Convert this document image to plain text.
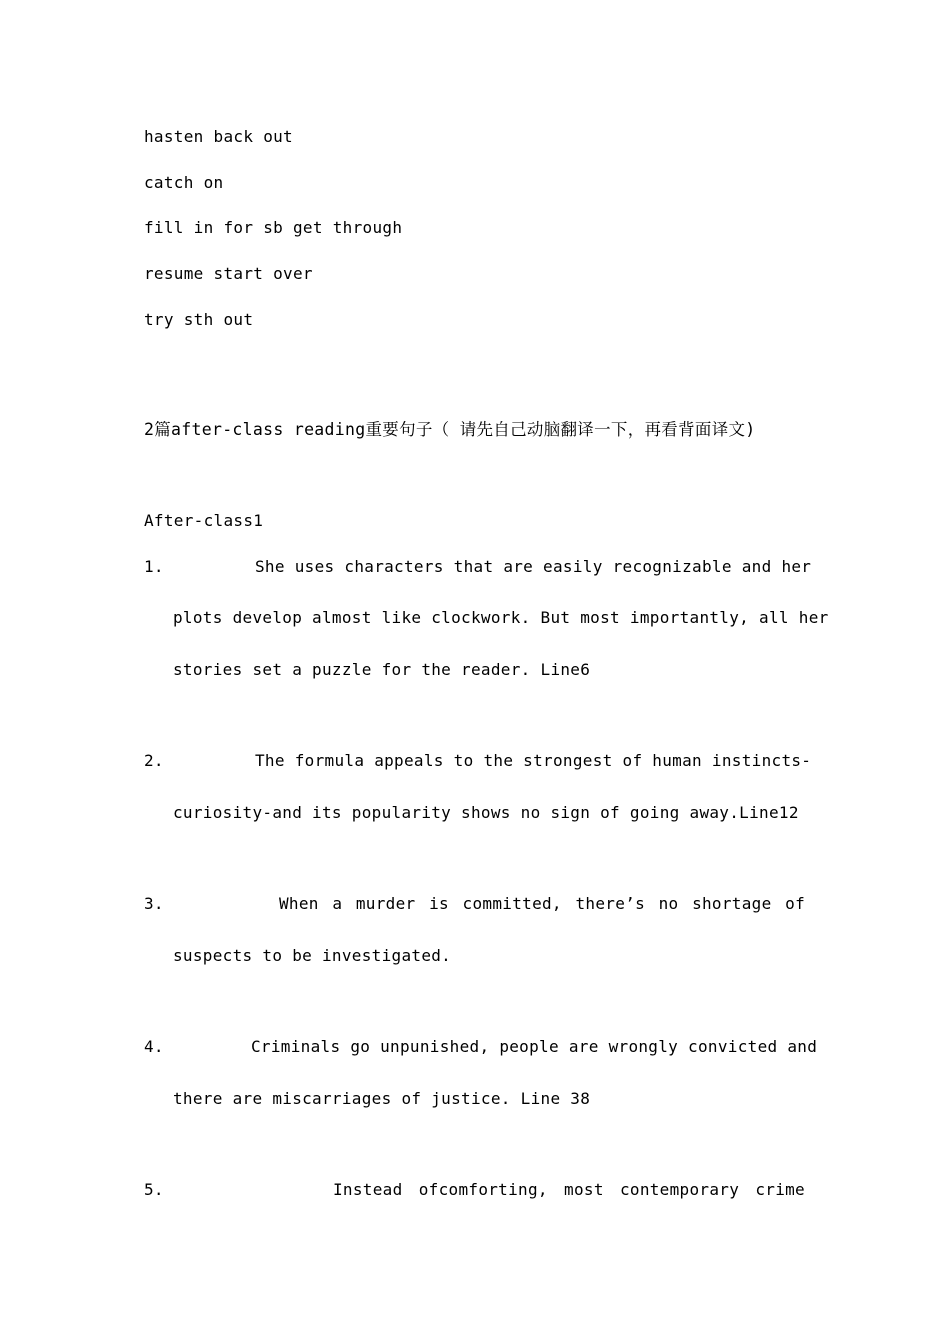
hasten back out
catch on
fill in for sb get through
resume start over
try sth out
2篇after-class reading重要句子（ 请先自己动脑翻译一下，再看背面译文)
After-class1
1.	She uses characters that are easily recognizable and her
plots develop almost like clockwork. But most importantly, all her
stories set a puzzle for the reader. Line6
2.	The formula appeals to the strongest of human instincts-
curiosity-and its popularity shows no sign of going away.Line12
3.	When a murder is committed, there’s no shortage of
suspects to be investigated.
4.	Criminals go unpunished, people are wrongly convicted and
there are miscarriages of justice. Line 38
5.	Instead ofcomforting, most contemporary crime
